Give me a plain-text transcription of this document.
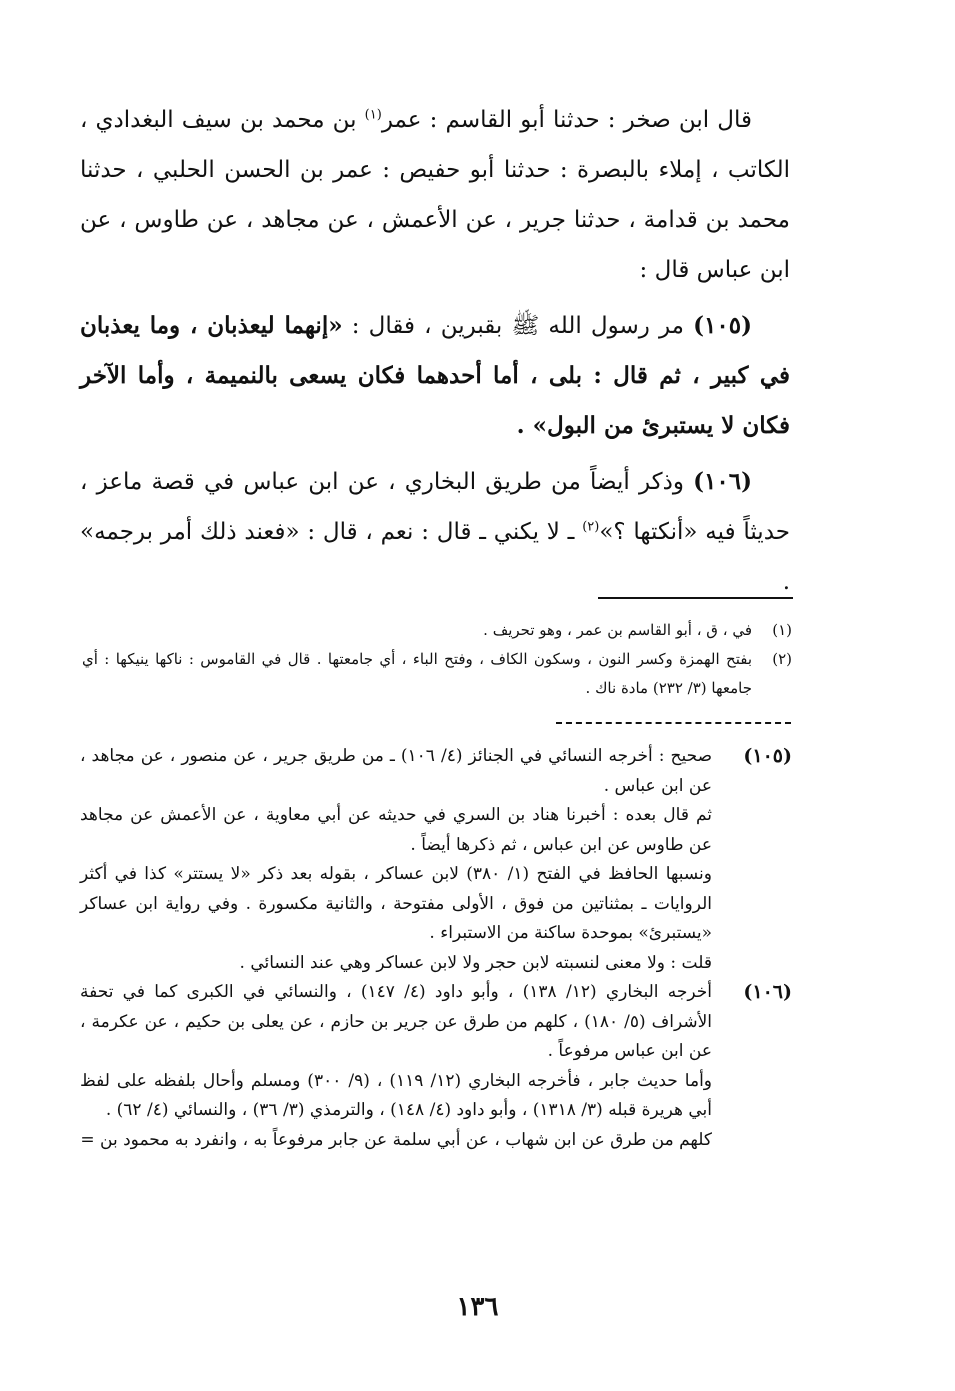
قال ابن صخر : حدثنا أبو القاسم : عمر$^{(١)}$ بن محمد بن سيف البغدادي ، الكاتب ، إملاء بالبصرة : حدثنا أبو حفيص : عمر بن الحسن الحلبي ، حدثنا محمد بن قدامة ، حدثنا جرير ، عن الأعمش ، عن مجاهد ، عن طاوس ، عن ابن عباس قال :

(١٠٥) مر رسول الله ﷺ بقبرين ، فقال : «إنهما ليعذبان ، وما يعذبان في كبير ، ثم قال : بلى ، أما أحدهما فكان يسعى بالنميمة ، وأما الآخر فكان لا يستبرئ من البول» .

(١٠٦) وذكر أيضاً من طريق البخاري ، عن ابن عباس في قصة ماعز ، حديثاً فيه «أنكتها ؟»$^{(٢)}$ ـ لا يكني ـ قال : نعم ، قال : «فعند ذلك أمر برجمه» .

(١)
في ، ق ، أبو القاسم بن عمر ، وهو تحريف .
(٢)
بفتح الهمزة وكسر النون ، وسكون الكاف ، وفتح الباء ، أي جامعتها . قال في القاموس : ناكها ينيكها : أي جامعها (٣/ ٢٣٢) مادة ناك .
(١٠٥)

صحيح : أخرجه النسائي في الجنائز (٤/ ١٠٦) ـ من طريق جرير ، عن منصور ، عن مجاهد ، عن ابن عباس .

ثم قال بعده : أخبرنا هناد بن السري في حديثه عن أبي معاوية ، عن الأعمش عن مجاهد عن طاوس عن ابن عباس ، ثم ذكرها أيضاً .

ونسبها الحافظ في الفتح (١/ ٣٨٠) لابن عساكر ، بقوله بعد ذكر «لا يستتر» كذا في أكثر الروايات ـ بمثناتين من فوق ، الأولى مفتوحة ، والثانية مكسورة . وفي رواية ابن عساكر «يستبرئ» بموحدة ساكنة من الاستبراء .

قلت : ولا معنى لنسبته لابن حجر ولا لابن عساكر وهي عند النسائي .

(١٠٦)

أخرجه البخاري (١٢/ ١٣٨) ، وأبو داود (٤/ ١٤٧) ، والنسائي في الكبرى كما في تحفة الأشراف (٥/ ١٨٠) ، كلهم من طرق عن جرير بن حازم ، عن يعلى بن حكيم ، عن عكرمة ، عن ابن عباس مرفوعاً .

وأما حديث جابر ، فأخرجه البخاري (١٢/ ١١٩) ، (٩/ ٣٠٠) ومسلم وأحال بلفظه على لفظ أبي هريرة قبله (٣/ ١٣١٨) ، وأبو داود (٤/ ١٤٨) ، والترمذي (٣/ ٣٦) ، والنسائي (٤/ ٦٢) .

كلهم من طرق عن ابن شهاب ، عن أبي سلمة عن جابر مرفوعاً به ، وانفرد به محمود بن =

١٣٦
